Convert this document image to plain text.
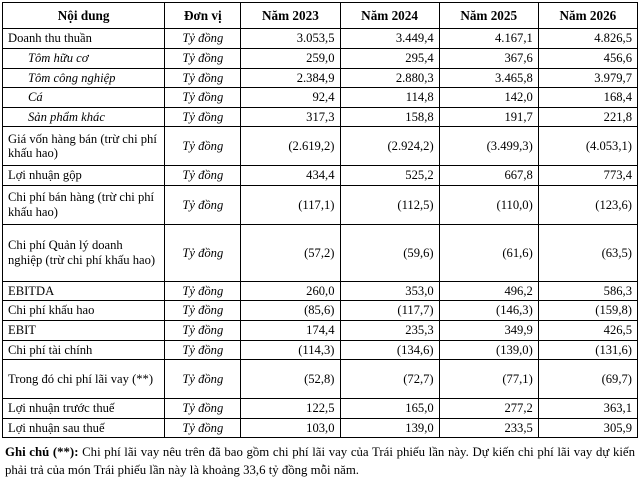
Nội dung	Đơn vị	Năm 2023	Năm 2024	Năm 2025	Năm 2026
Doanh thu thuần	Tỷ đồng	3.053,5	3.449,4	4.167,1	4.826,5
Tôm hữu cơ	Tỷ đồng	259,0	295,4	367,6	456,6
Tôm công nghiệp	Tỷ đồng	2.384,9	2.880,3	3.465,8	3.979,7
Cá	Tỷ đồng	92,4	114,8	142,0	168,4
Sản phẩm khác	Tỷ đồng	317,3	158,8	191,7	221,8
Giá vốn hàng bán (trừ chi phí khấu hao)	Tỷ đồng	(2.619,2)	(2.924,2)	(3.499,3)	(4.053,1)
Lợi nhuận gộp	Tỷ đồng	434,4	525,2	667,8	773,4
Chi phí bán hàng (trừ chi phí khấu hao)	Tỷ đồng	(117,1)	(112,5)	(110,0)	(123,6)
Chi phí Quản lý doanh nghiệp (trừ chi phí khấu hao)	Tỷ đồng	(57,2)	(59,6)	(61,6)	(63,5)
EBITDA	Tỷ đồng	260,0	353,0	496,2	586,3
Chi phí khấu hao	Tỷ đồng	(85,6)	(117,7)	(146,3)	(159,8)
EBIT	Tỷ đồng	174,4	235,3	349,9	426,5
Chi phí tài chính	Tỷ đồng	(114,3)	(134,6)	(139,0)	(131,6)
Trong đó chi phí lãi vay (**)	Tỷ đồng	(52,8)	(72,7)	(77,1)	(69,7)
Lợi nhuận trước thuế	Tỷ đồng	122,5	165,0	277,2	363,1
Lợi nhuận sau thuế	Tỷ đồng	103,0	139,0	233,5	305,9
Ghi chú (**): Chi phí lãi vay nêu trên đã bao gồm chi phí lãi vay của Trái phiếu lần này. Dự kiến chi phí lãi vay dự kiến phải trả của món Trái phiếu lần này là khoảng 33,6 tỷ đồng mỗi năm.
